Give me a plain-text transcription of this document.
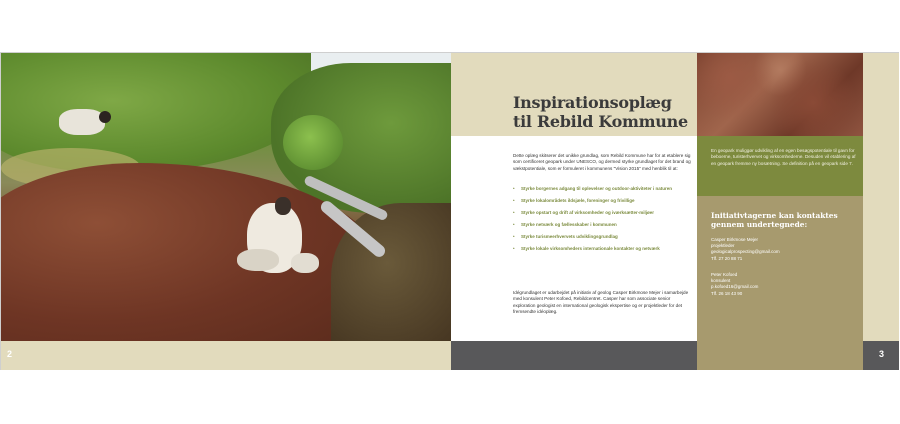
2
Inspirationsoplæg
til Rebild Kommune
Dette oplæg skitserer det unikke grundlag, som Rebild Kommune har for at etablere sig som certificeret geopark under UNESCO, og dermed styrke grundlaget for det brand og vækstpotentiale, som er formuleret i kommunens "Vision 2015" med henblik til at:
• Styrke borgernes adgang til oplevelser og outdoor-aktiviteter i naturen
• Styrke lokalområdets ildsjæle, foreninger og frivillige
• Styrke opstart og drift af virksomheder og iværksætter-miljøer
• Styrke netværk og fællesskaber i kommunen
• Styrke turismeerhvervets udviklingsgrundlag
• Styrke lokale virksomheders internationale kontakter og netværk
Idégrundlaget er udarbejdet på initiativ af geolog Casper Birkmose Mejer i samarbejde med konsulent Peter Kofoed, Rebildcentret. Casper har som associate senior exploration geologist en international geologisk ekspertise og er projektleder for det fremsendte idéoplæg.
En geopark muliggør udvikling af en egen besøgspotentiale til gavn for beboerne, turisterhvervet og virksomhederne. Desuden vil etablering af en geopark fremme ny bosætning. Se definition på en geopark side 7.
Initiativtagerne kan kontaktes gennem undertegnede:
Casper Birkmose Mejer
projektleder
geologicalprospecting@gmail.com
Tlf. 27 20 88 71
Peter Kofoed
konsulent
p.kofoed16@gmail.com
Tlf. 26 18 43 90
3
